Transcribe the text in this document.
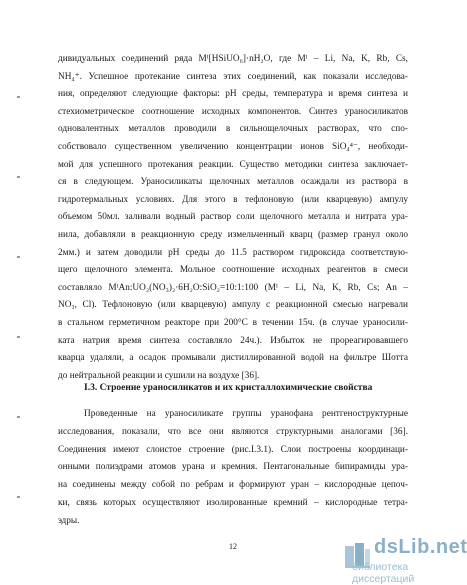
дивидуальных соединений ряда Mᴵ[HSiUO₆]·nH₂O, где Mᴵ – Li, Na, K, Rb, Cs,
NH₄⁺. Успешное протекание синтеза этих соединений, как показали исследова-
ния, определяют следующие факторы: pH среды, температура и время синтеза и
стехиометрическое соотношение исходных компонентов. Синтез ураносиликатов
одновалентных металлов проводили в сильнощелочных растворах, что спо-
собствовало существенном увеличению концентрации ионов SiO₄⁴⁻, необходи-
мой для успешного протекания реакции. Существо методики синтеза заключает-
ся в следующем. Ураносиликаты щелочных металлов осаждали из раствора в
гидротермальных условиях. Для этого в тефлоновую (или кварцевую) ампулу
объемом 50мл. заливали водный раствор соли щелочного металла и нитрата ура-
нила, добавляли в реакционную среду измельченный кварц (размер гранул около
2мм.) и затем доводили pH среды до 11.5 раствором гидроксида соответствую-
щего щелочного элемента. Мольное соотношение исходных реагентов в смеси
составляло MᴵAn:UO₂(NO₃)₂·6H₂O:SiO₂=10:1:100 (Mᴵ – Li, Na, K, Rb, Cs; An –
NO₃, Cl). Тефлоновую (или кварцевую) ампулу с реакционной смесью нагревали
в стальном герметичном реакторе при 200°C в течении 15ч. (в случае ураносили-
ката натрия время синтеза составляло 24ч.). Избыток не прореагировавшего
кварца удаляли, а осадок промывали дистиллированной водой на фильтре Шотта
до нейтральной реакции и сушили на воздухе [36].
I.3. Строение ураносиликатов и их кристаллохимические свойства
Проведенные на ураносиликате группы уранофана рентгеноструктурные
исследования, показали, что все они являются структурными аналогами [36].
Соединения имеют слоистое строение (рис.I.3.1). Слои построены координаци-
онными полиэдрами атомов урана и кремния. Пентагональные бипирамиды ура-
на соединены между собой по ребрам и формируют уран – кислородные цепоч-
ки, связь которых осуществляют изолированные кремний – кислородные тетра-
эдры.
12	dsLib.net
библиотека диссертаций
